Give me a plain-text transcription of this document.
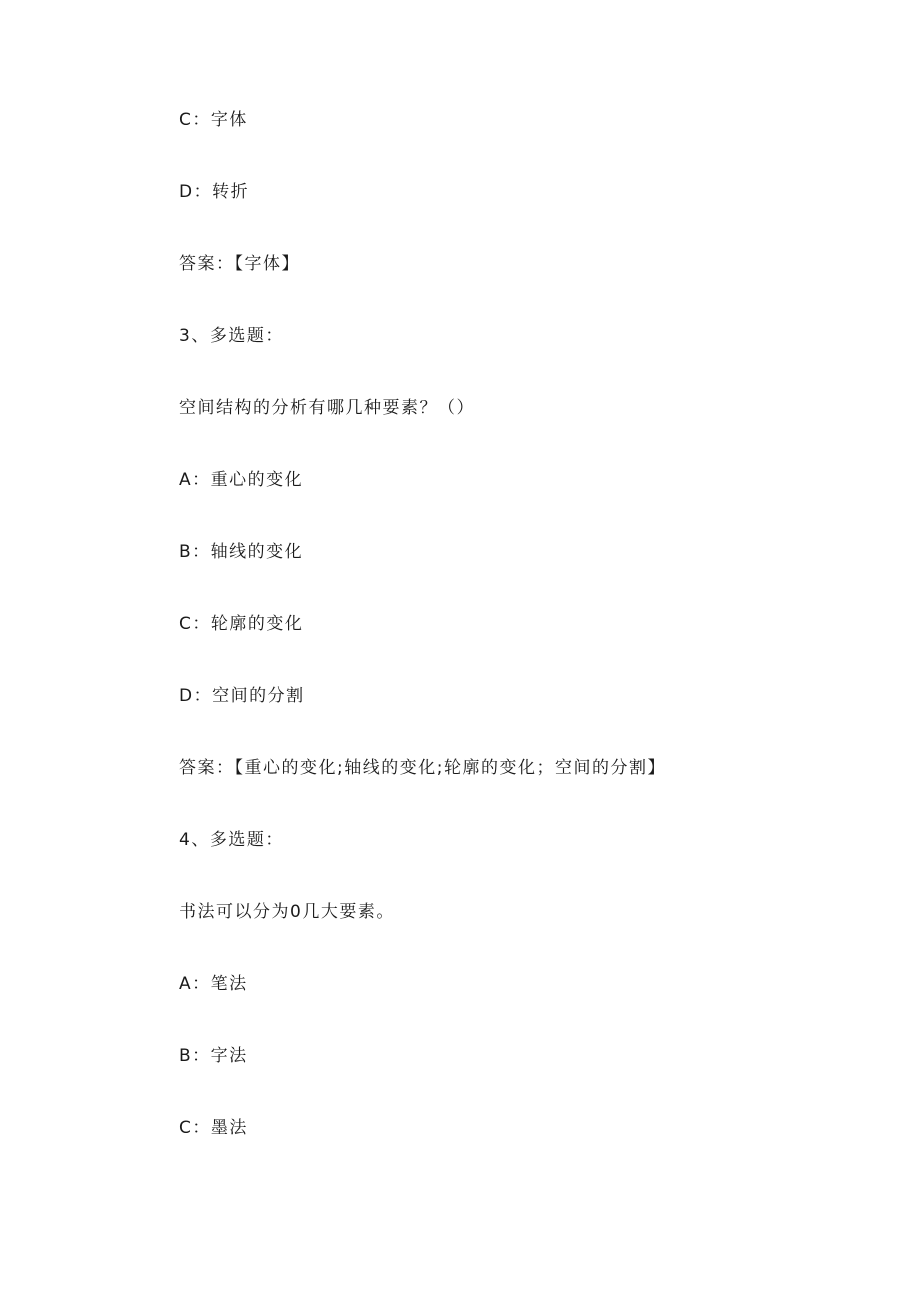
C：字体
D：转折
答案：【字体】
3、多选题：
空间结构的分析有哪几种要素？（）
A：重心的变化
B：轴线的变化
C：轮廓的变化
D：空间的分割
答案：【重心的变化;轴线的变化;轮廓的变化；空间的分割】
4、多选题：
书法可以分为0几大要素。
A：笔法
B：字法
C：墨法
